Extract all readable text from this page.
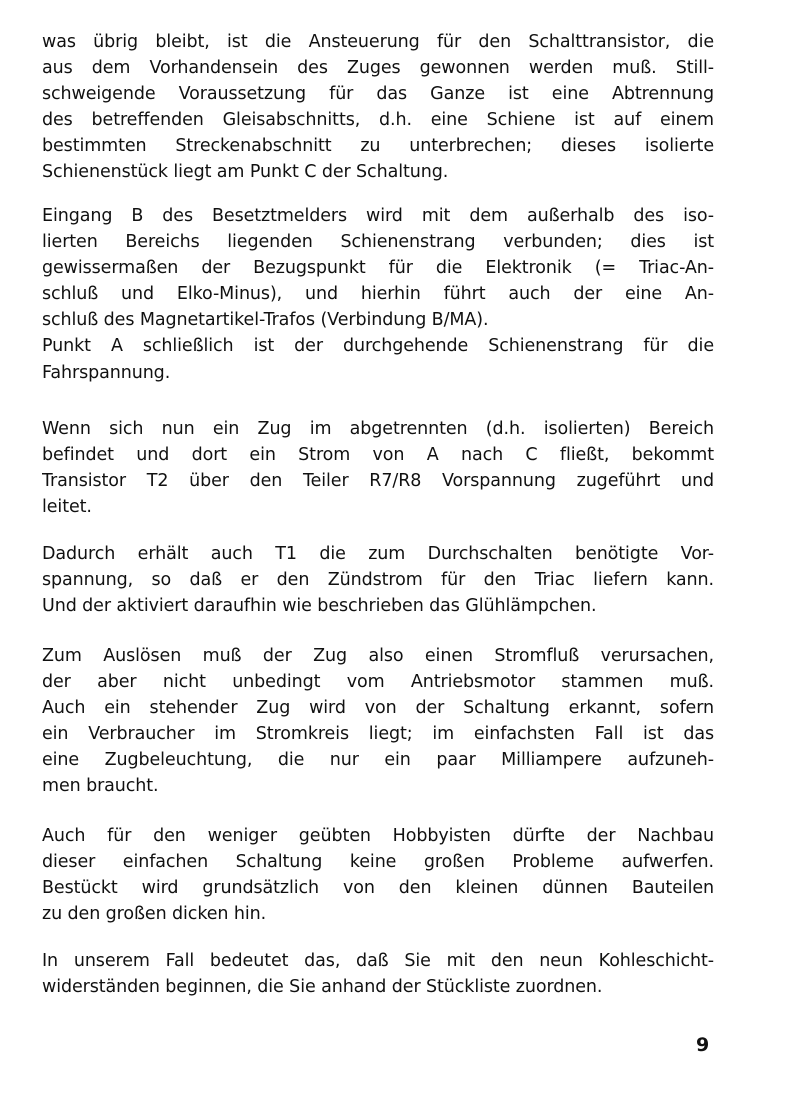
was übrig bleibt, ist die Ansteuerung für den Schalttransistor, die
aus dem Vorhandensein des Zuges gewonnen werden muß. Still-
schweigende Voraussetzung für das Ganze ist eine Abtrennung
des betreffenden Gleisabschnitts, d.h. eine Schiene ist auf einem
bestimmten Streckenabschnitt zu unterbrechen; dieses isolierte
Schienenstück liegt am Punkt C der Schaltung.
Eingang B des Besetztmelders wird mit dem außerhalb des iso-
lierten Bereichs liegenden Schienenstrang verbunden; dies ist
gewissermaßen der Bezugspunkt für die Elektronik (= Triac-An-
schluß und Elko-Minus), und hierhin führt auch der eine An-
schluß des Magnetartikel-Trafos (Verbindung B/MA).
Punkt A schließlich ist der durchgehende Schienenstrang für die
Fahrspannung.
Wenn sich nun ein Zug im abgetrennten (d.h. isolierten) Bereich
befindet und dort ein Strom von A nach C fließt, bekommt
Transistor T2 über den Teiler R7/R8 Vorspannung zugeführt und
leitet.
Dadurch erhält auch T1 die zum Durchschalten benötigte Vor-
spannung, so daß er den Zündstrom für den Triac liefern kann.
Und der aktiviert daraufhin wie beschrieben das Glühlämpchen.
Zum Auslösen muß der Zug also einen Stromfluß verursachen,
der aber nicht unbedingt vom Antriebsmotor stammen muß.
Auch ein stehender Zug wird von der Schaltung erkannt, sofern
ein Verbraucher im Stromkreis liegt; im einfachsten Fall ist das
eine Zugbeleuchtung, die nur ein paar Milliampere aufzuneh-
men braucht.
Auch für den weniger geübten Hobbyisten dürfte der Nachbau
dieser einfachen Schaltung keine großen Probleme aufwerfen.
Bestückt wird grundsätzlich von den kleinen dünnen Bauteilen
zu den großen dicken hin.
In unserem Fall bedeutet das, daß Sie mit den neun Kohleschicht-
widerständen beginnen, die Sie anhand der Stückliste zuordnen.
9
